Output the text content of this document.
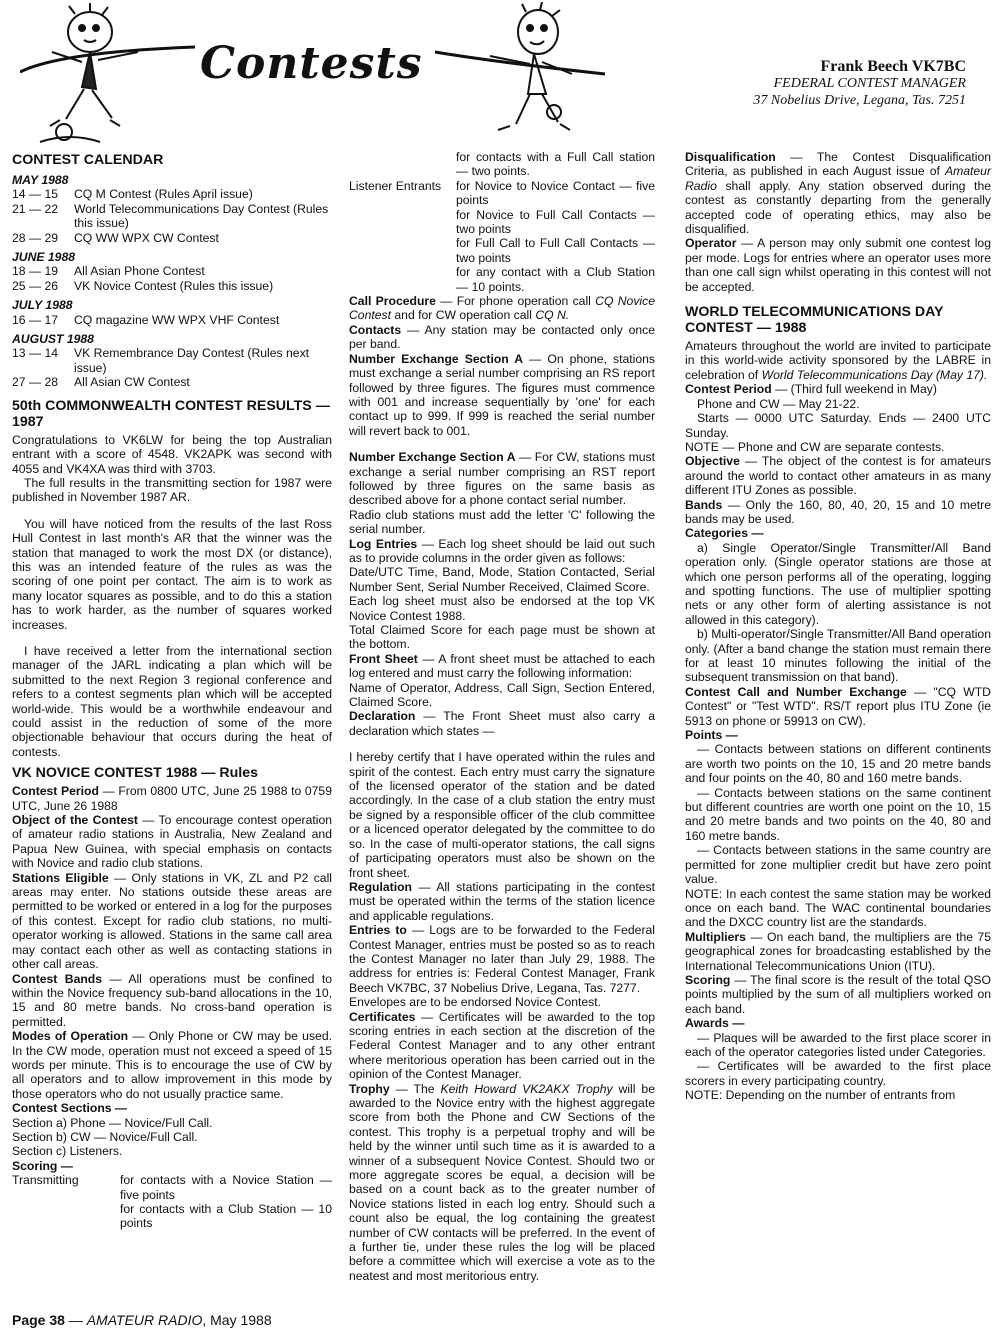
Contests	Frank Beech VK7BC
FEDERAL CONTEST MANAGER
37 Nobelius Drive, Legana, Tas. 7251
CONTEST CALENDAR
MAY 1988
14 — 15	CQ M Contest (Rules April issue)
21 — 22	World Telecommunications Day Contest (Rules this issue)
28 — 29	CQ WW WPX CW Contest
JUNE 1988
18 — 19	All Asian Phone Contest
25 — 26	VK Novice Contest (Rules this issue)
JULY 1988
16 — 17	CQ magazine WW WPX VHF Contest
AUGUST 1988
13 — 14	VK Remembrance Day Contest (Rules next issue)
27 — 28	All Asian CW Contest
50th COMMONWEALTH CONTEST RESULTS — 1987

Congratulations to VK6LW for being the top Australian entrant with a score of 4548. VK2APK was second with 4055 and VK4XA was third with 3703.

The full results in the transmitting section for 1987 were published in November 1987 AR.

You will have noticed from the results of the last Ross Hull Contest in last month's AR that the winner was the station that managed to work the most DX (or distance), this was an intended feature of the rules as was the scoring of one point per contact. The aim is to work as many locator squares as possible, and to do this a station has to work harder, as the number of squares worked increases.

I have received a letter from the international section manager of the JARL indicating a plan which will be submitted to the next Region 3 regional conference and refers to a contest segments plan which will be accepted world-wide. This would be a worthwhile endeavour and could assist in the reduction of some of the more objectionable behaviour that occurs during the heat of contests.

VK NOVICE CONTEST 1988 — Rules

Contest Period — From 0800 UTC, June 25 1988 to 0759 UTC, June 26 1988

Object of the Contest — To encourage contest operation of amateur radio stations in Australia, New Zealand and Papua New Guinea, with special emphasis on contacts with Novice and radio club stations.

Stations Eligible — Only stations in VK, ZL and P2 call areas may enter. No stations outside these areas are permitted to be worked or entered in a log for the purposes of this contest. Except for radio club stations, no multi-operator working is allowed. Stations in the same call area may contact each other as well as contacting stations in other call areas.

Contest Bands — All operations must be confined to within the Novice frequency sub-band allocations in the 10, 15 and 80 metre bands. No cross-band operation is permitted.

Modes of Operation — Only Phone or CW may be used. In the CW mode, operation must not exceed a speed of 15 words per minute. This is to encourage the use of CW by all operators and to allow improvement in this mode by those operators who do not usually practice same.

Contest Sections —

Section a) Phone — Novice/Full Call.

Section b) CW — Novice/Full Call.

Section c) Listeners.

Scoring —

Transmitting	for contacts with a Novice Station — five points

for contacts with a Club Station — 10 points

for contacts with a Full Call station — two points.

Listener Entrants	for Novice to Novice Contact — five points

for Novice to Full Call Contacts — two points

for Full Call to Full Call Contacts — two points

for any contact with a Club Station — 10 points.

Call Procedure — For phone operation call CQ Novice Contest and for CW operation call CQ N.

Contacts — Any station may be contacted only once per band.

Number Exchange Section A — On phone, stations must exchange a serial number comprising an RS report followed by three figures. The figures must commence with 001 and increase sequentially by 'one' for each contact up to 999. If 999 is reached the serial number will revert back to 001.

Number Exchange Section A — For CW, stations must exchange a serial number comprising an RST report followed by three figures on the same basis as described above for a phone contact serial number.

Radio club stations must add the letter 'C' following the serial number.

Log Entries — Each log sheet should be laid out such as to provide columns in the order given as follows:

Date/UTC Time, Band, Mode, Station Contacted, Serial Number Sent, Serial Number Received, Claimed Score.

Each log sheet must also be endorsed at the top VK Novice Contest 1988.

Total Claimed Score for each page must be shown at the bottom.

Front Sheet — A front sheet must be attached to each log entered and must carry the following information:

Name of Operator, Address, Call Sign, Section Entered, Claimed Score.

Declaration — The Front Sheet must also carry a declaration which states —

I hereby certify that I have operated within the rules and spirit of the contest. Each entry must carry the signature of the licensed operator of the station and be dated accordingly. In the case of a club station the entry must be signed by a responsible officer of the club committee or a licenced operator delegated by the committee to do so. In the case of multi-operator stations, the call signs of participating operators must also be shown on the front sheet.

Regulation — All stations participating in the contest must be operated within the terms of the station licence and applicable regulations.

Entries to — Logs are to be forwarded to the Federal Contest Manager, entries must be posted so as to reach the Contest Manager no later than July 29, 1988. The address for entries is: Federal Contest Manager, Frank Beech VK7BC, 37 Nobelius Drive, Legana, Tas. 7277.

Envelopes are to be endorsed Novice Contest.

Certificates — Certificates will be awarded to the top scoring entries in each section at the discretion of the Federal Contest Manager and to any other entrant where meritorious operation has been carried out in the opinion of the Contest Manager.

Trophy — The Keith Howard VK2AKX Trophy will be awarded to the Novice entry with the highest aggregate score from both the Phone and CW Sections of the contest. This trophy is a perpetual trophy and will be held by the winner until such time as it is awarded to a winner of a subsequent Novice Contest. Should two or more aggregate scores be equal, a decision will be based on a count back as to the greater number of Novice stations listed in each log entry. Should such a count also be equal, the log containing the greatest number of CW contacts will be preferred. In the event of a further tie, under these rules the log will be placed before a committee which will exercise a vote as to the neatest and most meritorious entry.

Disqualification — The Contest Disqualification Criteria, as published in each August issue of Amateur Radio shall apply. Any station observed during the contest as constantly departing from the generally accepted code of operating ethics, may also be disqualified.

Operator — A person may only submit one contest log per mode. Logs for entries where an operator uses more than one call sign whilst operating in this contest will not be accepted.

WORLD TELECOMMUNICATIONS DAY CONTEST — 1988

Amateurs throughout the world are invited to participate in this world-wide activity sponsored by the LABRE in celebration of World Telecommunications Day (May 17).

Contest Period — (Third full weekend in May)

Phone and CW — May 21-22.

Starts — 0000 UTC Saturday. Ends — 2400 UTC Sunday.

NOTE — Phone and CW are separate contests.

Objective — The object of the contest is for amateurs around the world to contact other amateurs in as many different ITU Zones as possible.

Bands — Only the 160, 80, 40, 20, 15 and 10 metre bands may be used.

Categories —

a) Single Operator/Single Transmitter/All Band operation only. (Single operator stations are those at which one person performs all of the operating, logging and spotting functions. The use of multiplier spotting nets or any other form of alerting assistance is not allowed in this category).

b) Multi-operator/Single Transmitter/All Band operation only. (After a band change the station must remain there for at least 10 minutes following the initial of the subsequent transmission on that band).

Contest Call and Number Exchange — "CQ WTD Contest" or "Test WTD". RS/T report plus ITU Zone (ie 5913 on phone or 59913 on CW).

Points —

— Contacts between stations on different continents are worth two points on the 10, 15 and 20 metre bands and four points on the 40, 80 and 160 metre bands.

— Contacts between stations on the same continent but different countries are worth one point on the 10, 15 and 20 metre bands and two points on the 40, 80 and 160 metre bands.

— Contacts between stations in the same country are permitted for zone multiplier credit but have zero point value.

NOTE: In each contest the same station may be worked once on each band. The WAC continental boundaries and the DXCC country list are the standards.

Multipliers — On each band, the multipliers are the 75 geographical zones for broadcasting established by the International Telecommunications Union (ITU).

Scoring — The final score is the result of the total QSO points multiplied by the sum of all multipliers worked on each band.

Awards —

— Plaques will be awarded to the first place scorer in each of the operator categories listed under Categories.

— Certificates will be awarded to the first place scorers in every participating country.

NOTE: Depending on the number of entrants from

Page 38 — AMATEUR RADIO, May 1988
